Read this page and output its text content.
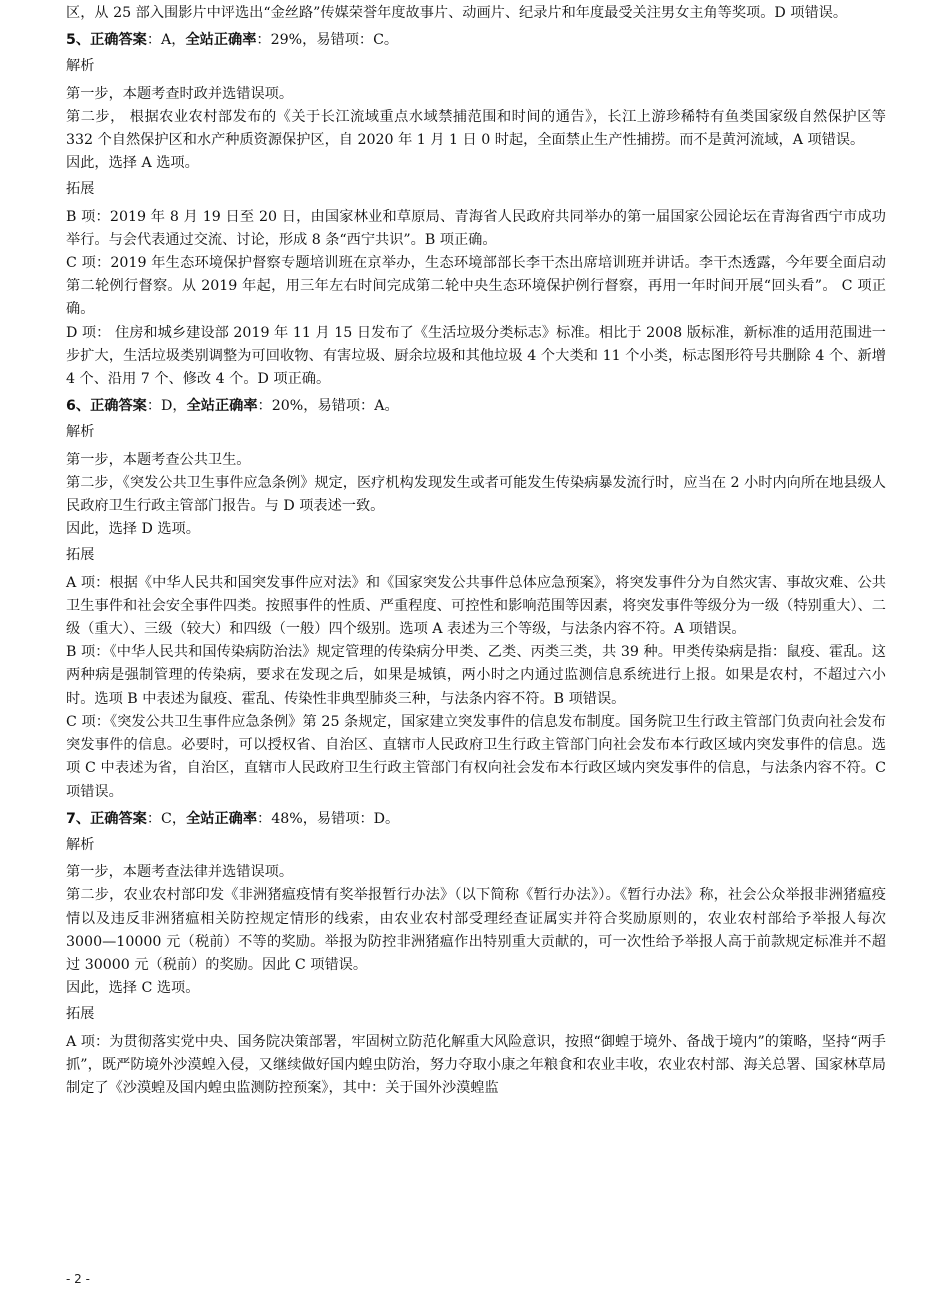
区，从 25 部入围影片中评选出“金丝路”传媒荣誉年度故事片、动画片、纪录片和年度最受关注男女主角等奖项。D 项错误。

5、正确答案：A，全站正确率：29%，易错项：C。

解析

第一步，本题考查时政并选错误项。

第二步， 根据农业农村部发布的《关于长江流域重点水域禁捕范围和时间的通告》，长江上游珍稀特有鱼类国家级自然保护区等 332 个自然保护区和水产种质资源保护区，自 2020 年 1 月 1 日 0 时起，全面禁止生产性捕捞。而不是黄河流域，A 项错误。

因此，选择 A 选项。

拓展

B 项：2019 年 8 月 19 日至 20 日，由国家林业和草原局、青海省人民政府共同举办的第一届国家公园论坛在青海省西宁市成功举行。与会代表通过交流、讨论，形成 8 条“西宁共识”。B 项正确。

C 项：2019 年生态环境保护督察专题培训班在京举办，生态环境部部长李干杰出席培训班并讲话。李干杰透露，今年要全面启动第二轮例行督察。从 2019 年起，用三年左右时间完成第二轮中央生态环境保护例行督察，再用一年时间开展“回头看”。 C 项正确。

D 项： 住房和城乡建设部 2019 年 11 月 15 日发布了《生活垃圾分类标志》标准。相比于 2008 版标准，新标准的适用范围进一步扩大，生活垃圾类别调整为可回收物、有害垃圾、厨余垃圾和其他垃圾 4 个大类和 11 个小类，标志图形符号共删除 4 个、新增 4 个、沿用 7 个、修改 4 个。D 项正确。

6、正确答案：D，全站正确率：20%，易错项：A。

解析

第一步，本题考查公共卫生。

第二步，《突发公共卫生事件应急条例》规定，医疗机构发现发生或者可能发生传染病暴发流行时，应当在 2 小时内向所在地县级人民政府卫生行政主管部门报告。与 D 项表述一致。

因此，选择 D 选项。

拓展

A 项：根据《中华人民共和国突发事件应对法》和《国家突发公共事件总体应急预案》，将突发事件分为自然灾害、事故灾难、公共卫生事件和社会安全事件四类。按照事件的性质、严重程度、可控性和影响范围等因素，将突发事件等级分为一级（特别重大）、二级（重大）、三级（较大）和四级（一般）四个级别。选项 A 表述为三个等级，与法条内容不符。A 项错误。

B 项：《中华人民共和国传染病防治法》规定管理的传染病分甲类、乙类、丙类三类，共 39 种。甲类传染病是指：鼠疫、霍乱。这两种病是强制管理的传染病，要求在发现之后，如果是城镇，两小时之内通过监测信息系统进行上报。如果是农村，不超过六小时。选项 B 中表述为鼠疫、霍乱、传染性非典型肺炎三种，与法条内容不符。B 项错误。

C 项：《突发公共卫生事件应急条例》第 25 条规定，国家建立突发事件的信息发布制度。国务院卫生行政主管部门负责向社会发布突发事件的信息。必要时，可以授权省、自治区、直辖市人民政府卫生行政主管部门向社会发布本行政区域内突发事件的信息。选项 C 中表述为省，自治区，直辖市人民政府卫生行政主管部门有权向社会发布本行政区域内突发事件的信息，与法条内容不符。C 项错误。

7、正确答案：C，全站正确率：48%，易错项：D。

解析

第一步，本题考查法律并选错误项。

第二步，农业农村部印发《非洲猪瘟疫情有奖举报暂行办法》（以下简称《暂行办法》）。《暂行办法》称，社会公众举报非洲猪瘟疫情以及违反非洲猪瘟相关防控规定情形的线索，由农业农村部受理经查证属实并符合奖励原则的，农业农村部给予举报人每次 3000—10000 元（税前）不等的奖励。举报为防控非洲猪瘟作出特别重大贡献的，可一次性给予举报人高于前款规定标准并不超过 30000 元（税前）的奖励。因此 C 项错误。

因此，选择 C 选项。

拓展

A 项：为贯彻落实党中央、国务院决策部署，牢固树立防范化解重大风险意识，按照“御蝗于境外、备战于境内”的策略，坚持“两手抓”，既严防境外沙漠蝗入侵，又继续做好国内蝗虫防治，努力夺取小康之年粮食和农业丰收，农业农村部、海关总署、国家林草局制定了《沙漠蝗及国内蝗虫监测防控预案》，其中：关于国外沙漠蝗监

- 2 -
